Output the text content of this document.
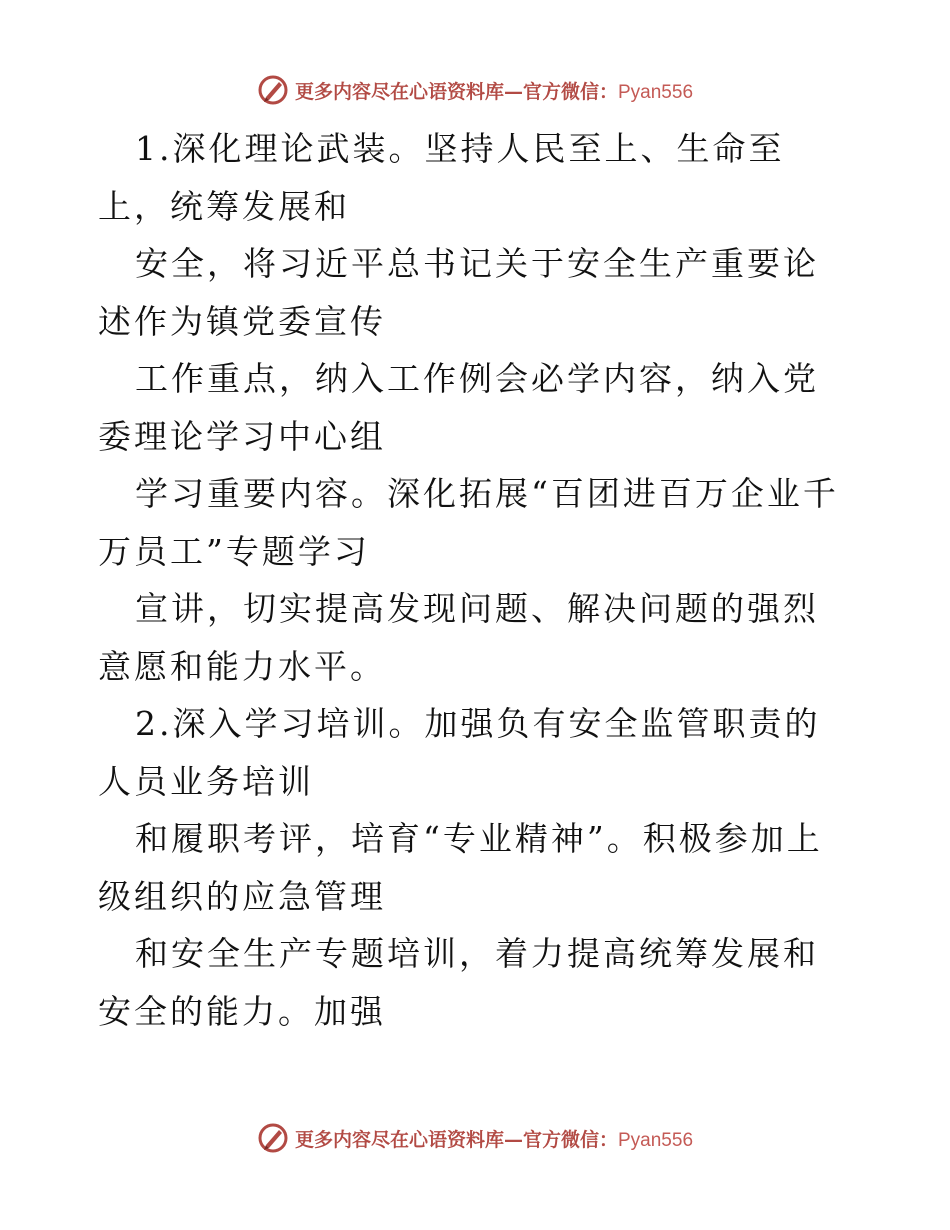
更多内容尽在心语资料库—官方微信：Pyan556

1.深化理论武装。坚持人民至上、生命至上，统筹发展和

安全，将习近平总书记关于安全生产重要论述作为镇党委宣传

工作重点，纳入工作例会必学内容，纳入党委理论学习中心组

学习重要内容。深化拓展“百团进百万企业千万员工”专题学习

宣讲，切实提高发现问题、解决问题的强烈意愿和能力水平。

2.深入学习培训。加强负有安全监管职责的人员业务培训

和履职考评，培育“专业精神”。积极参加上级组织的应急管理

和安全生产专题培训，着力提高统筹发展和安全的能力。加强

更多内容尽在心语资料库—官方微信：Pyan556
